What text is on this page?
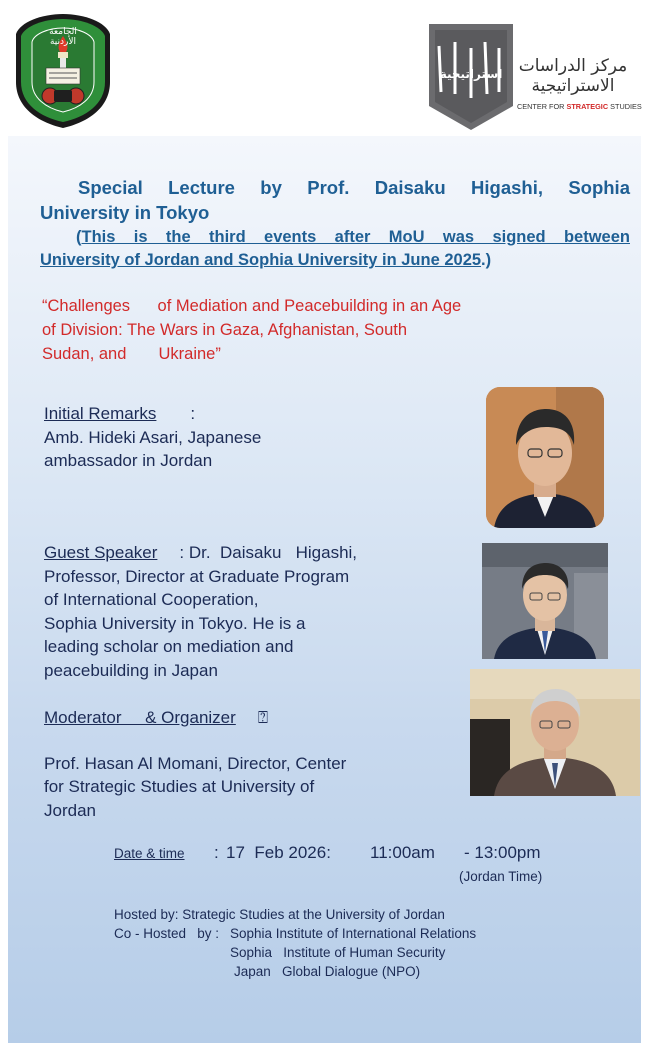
الجامعة الأردنية
استراتيجية مركز الدراسات
الاستراتيجية
CENTER FOR STRATEGIC STUDIES
Special Lecture by Prof. Daisaku Higashi, Sophia
University in Tokyo
(This is the third events after MoU was signed between
University of Jordan and Sophia University in June 2025.)
“Challenges      of Mediation and Peacebuilding in an Age
of Division: The Wars in Gaza, Afghanistan, South
Sudan, and       Ukraine”
Initial Remarks :
Amb. Hideki Asari, Japanese
ambassador in Jordan
Guest Speaker : Dr.  Daisaku   Higashi,
Professor, Director at Graduate Program
of International Cooperation,
Sophia University in Tokyo. He is a
leading scholar on mediation and
peacebuilding in Japan
Moderator     & Organizer ⍰
Prof. Hasan Al Momani, Director, Center
for Strategic Studies at University of
Jordan
Date & time	: 17  Feb 2026: 11:00am - 13:00pm
(Jordan Time)
Hosted by: Strategic Studies at the University of Jordan
Co - Hosted   by : Sophia Institute of International Relations
Sophia   Institute of Human Security
Japan   Global Dialogue (NPO)
